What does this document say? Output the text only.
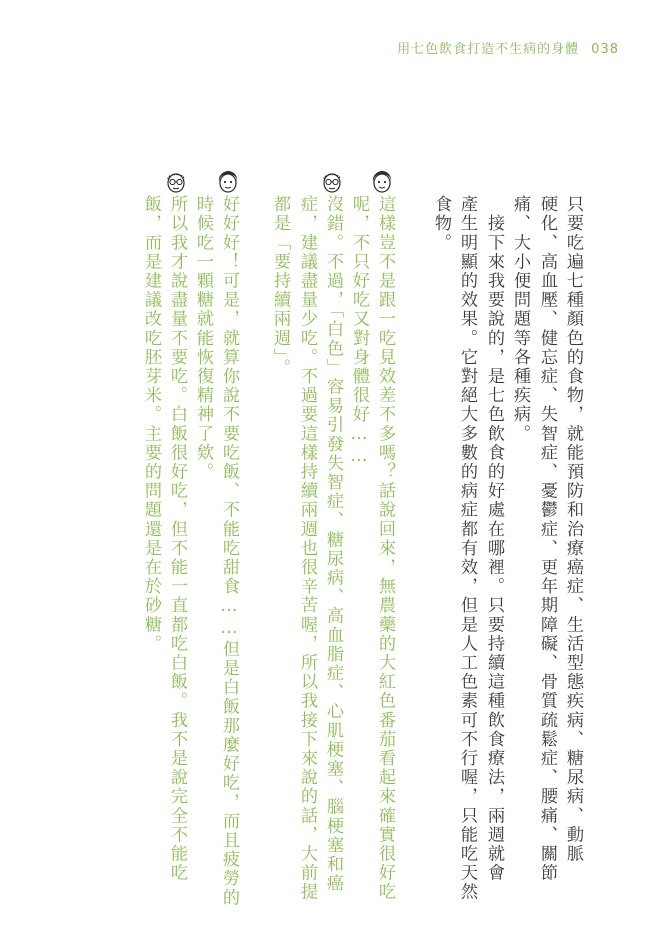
用七色飲食打造不生病的身體 038
只要吃遍七種顏色的食物，就能預防和治療癌症、生活型態疾病、糖尿病、動脈
硬化、高血壓、健忘症、失智症、憂鬱症、更年期障礙、骨質疏鬆症、腰痛、關節
痛、大小便問題等各種疾病。
　接下來我要說的，是七色飲食的好處在哪裡。只要持續這種飲食療法，兩週就會
產生明顯的效果。它對絕大多數的病症都有效，但是人工色素可不行喔，只能吃天然
食物。
這樣豈不是跟一吃見效差不多嗎？話說回來，無農藥的大紅色番茄看起來確實很好吃
呢，不只好吃又對身體很好……
沒錯。不過，「白色」容易引發失智症、糖尿病、高血脂症、心肌梗塞、腦梗塞和癌
症，建議盡量少吃。不過要這樣持續兩週也很辛苦喔，所以我接下來說的話，大前提
都是「要持續兩週」。
好好好！可是，就算你說不要吃飯、不能吃甜食……但是白飯那麼好吃，而且疲勞的
時候吃一顆糖就能恢復精神了欸。
所以我才說盡量不要吃。白飯很好吃，但不能一直都吃白飯。我不是說完全不能吃
飯，而是建議改吃胚芽米。主要的問題還是在於砂糖。
